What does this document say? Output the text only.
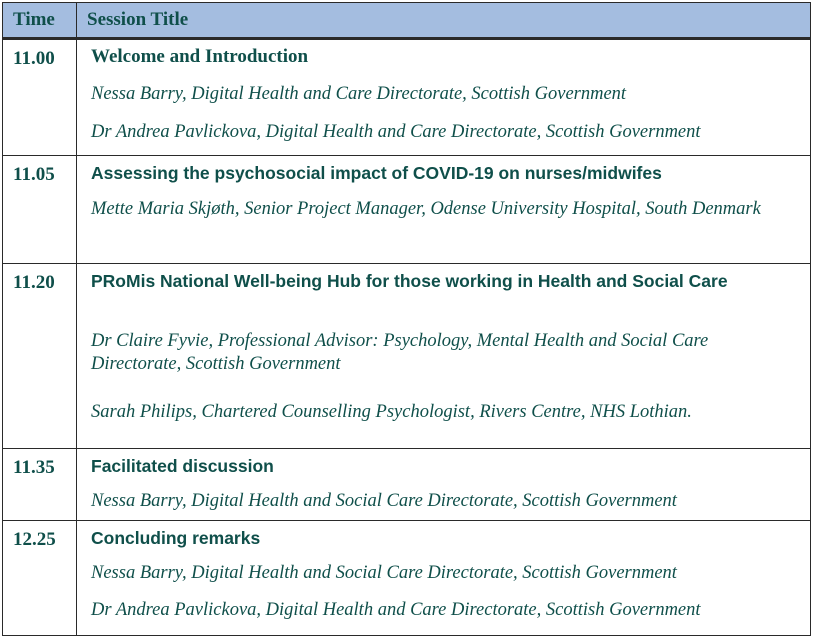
Time	Session Title
11.00	Welcome and Introduction

Nessa Barry, Digital Health and Care Directorate, Scottish Government

Dr Andrea Pavlickova, Digital Health and Care Directorate, Scottish Government

11.05	Assessing the psychosocial impact of COVID-19 on nurses/midwifes

Mette Maria Skjøth, Senior Project Manager, Odense University Hospital, South Denmark

11.20	PRoMis National Well-being Hub for those working in Health and Social Care

Dr Claire Fyvie, Professional Advisor: Psychology, Mental Health and Social Care Directorate, Scottish Government

Sarah Philips, Chartered Counselling Psychologist, Rivers Centre, NHS Lothian.

11.35	Facilitated discussion

Nessa Barry, Digital Health and Social Care Directorate, Scottish Government

12.25	Concluding remarks

Nessa Barry, Digital Health and Social Care Directorate, Scottish Government

Dr Andrea Pavlickova, Digital Health and Care Directorate, Scottish Government
